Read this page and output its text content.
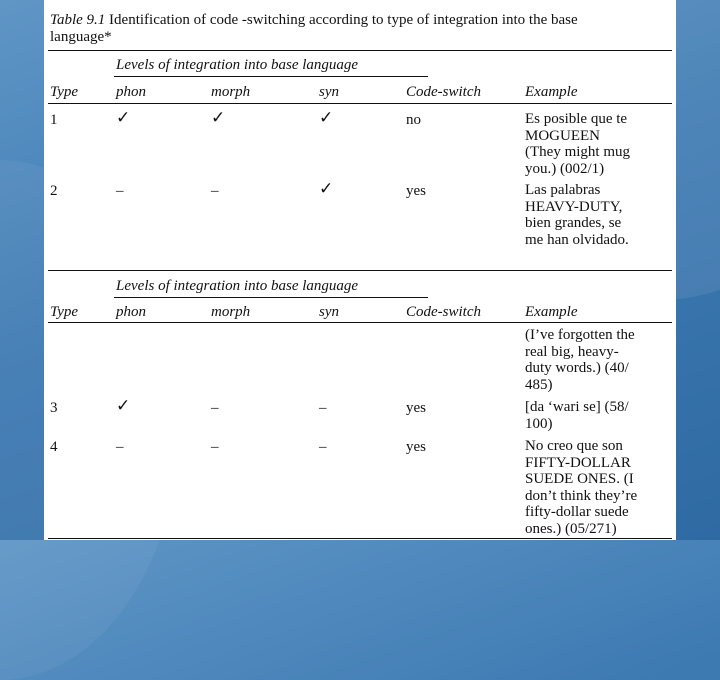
Table 9.1 Identification of code -switching according to type of integration into the base
language*
Levels of integration into base language
Type	phon	morph	syn	Code-switch	Example
1	✓	✓	✓	no	Es posible que te
MOGUEEN
(They might mug
you.) (002/1)
2	–	–	✓	yes	Las palabras
HEAVY-DUTY,
bien grandes, se
me han olvidado.
Levels of integration into base language
Type	phon	morph	syn	Code-switch	Example
(I’ve forgotten the
real big, heavy-
duty words.) (40/
485)
3	✓	–	–	yes	[da ‘wari se] (58/
100)
4	–	–	–	yes	No creo que son
FIFTY-DOLLAR
SUEDE ONES. (I
don’t think they’re
fifty-dollar suede
ones.) (05/271)
